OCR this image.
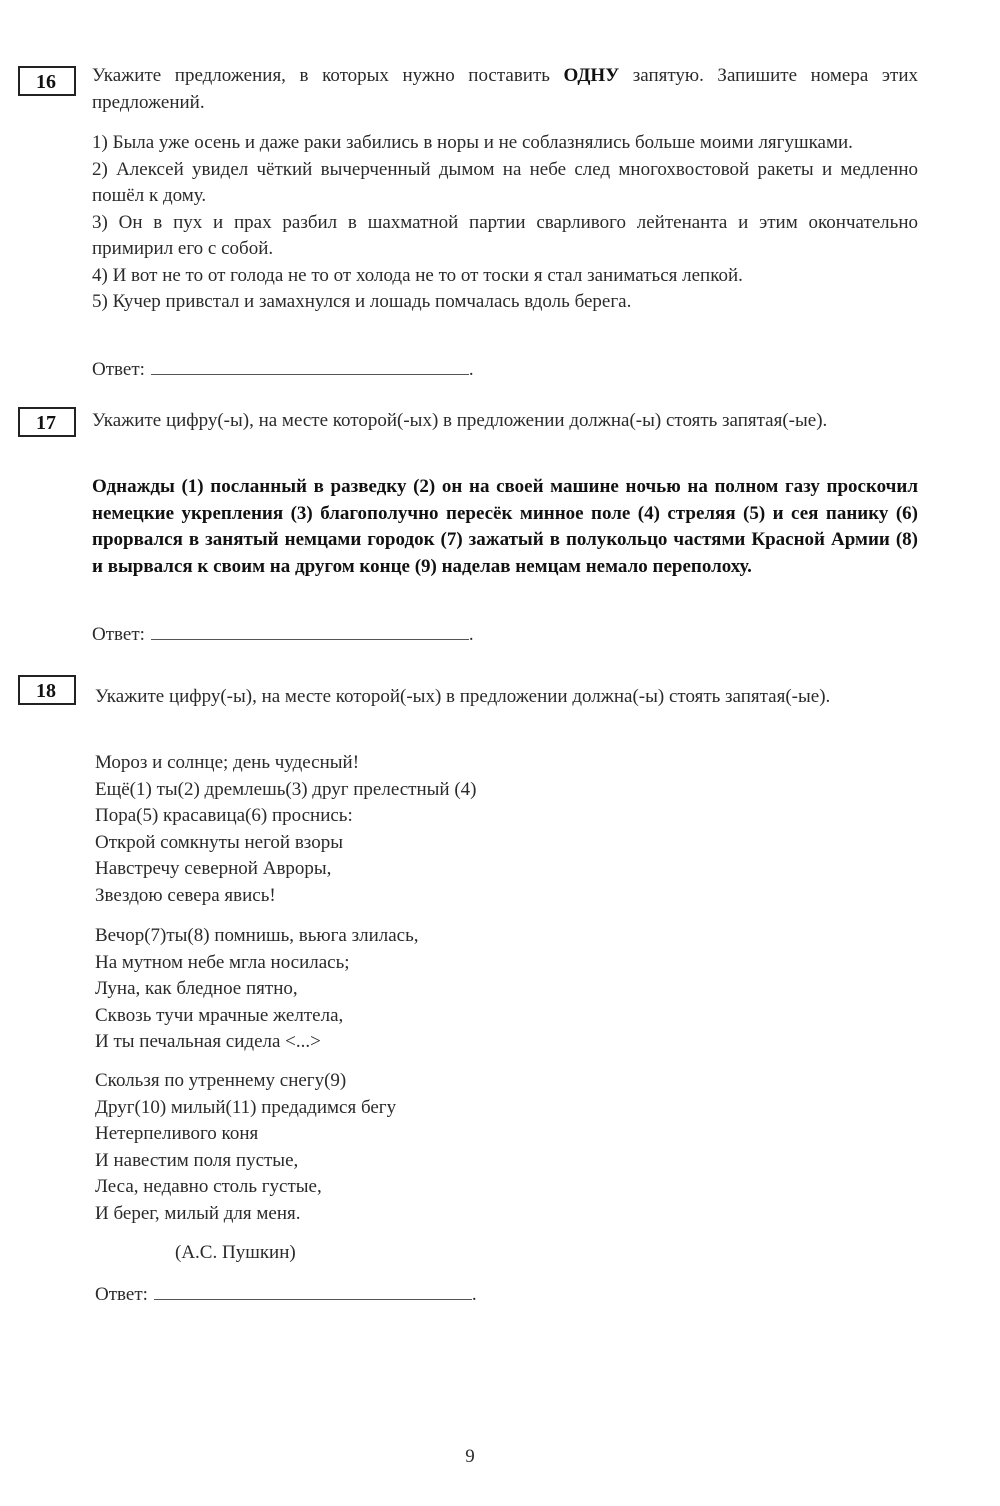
16	Укажите предложения, в которых нужно поставить ОДНУ запятую. Запишите номера этих предложений.
1) Была уже осень и даже раки забились в норы и не соблазнялись больше моими лягушками.
2) Алексей увидел чёткий вычерченный дымом на небе след многохвостовой ракеты и медленно пошёл к дому.
3) Он в пух и прах разбил в шахматной партии сварливого лейтенанта и этим окончательно примирил его с собой.
4) И вот не то от голода не то от холода не то от тоски я стал заниматься лепкой.
5) Кучер привстал и замахнулся и лошадь помчалась вдоль берега.
Ответ:	.
17	Укажите цифру(-ы), на месте которой(-ых) в предложении должна(-ы) стоять запятая(-ые).
Однажды (1) посланный в разведку (2) он на своей машине ночью на полном газу проскочил немецкие укрепления (3) благополучно пересёк минное поле (4) стреляя (5) и сея панику (6) прорвался в занятый немцами городок (7) зажатый в полукольцо частями Красной Армии (8) и вырвался к своим на другом конце (9) наделав немцам немало переполоху.
Ответ:	.
18	Укажите цифру(-ы), на месте которой(-ых) в предложении должна(-ы) стоять запятая(-ые).
Мороз и солнце; день чудесный!
Ещё(1) ты(2) дремлешь(3) друг прелестный (4)
Пора(5) красавица(6) проснись:
Открой сомкнуты негой взоры
Навстречу северной Авроры,
Звездою севера явись!
Вечор(7)ты(8) помнишь, вьюга злилась,
На мутном небе мгла носилась;
Луна, как бледное пятно,
Сквозь тучи мрачные желтела,
И ты печальная сидела <...>
Скользя по утреннему снегу(9)
Друг(10) милый(11) предадимся бегу
Нетерпеливого коня
И навестим поля пустые,
Леса, недавно столь густые,
И берег, милый для меня.
(А.С. Пушкин)
Ответ:	.
9
